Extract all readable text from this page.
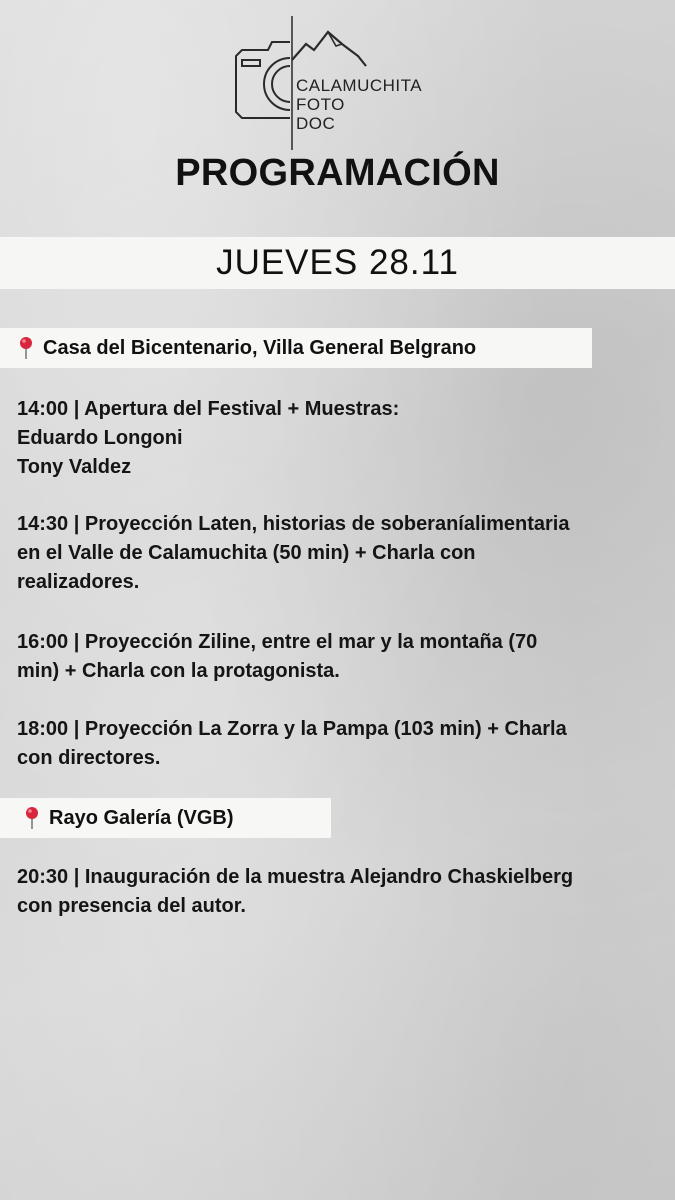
CALAMUCHITA
FOTO
DOC
PROGRAMACIÓN
JUEVES 28.11
Casa del Bicentenario, Villa General Belgrano
14:00 | Apertura del Festival + Muestras:
Eduardo Longoni
Tony Valdez
14:30 | Proyección Laten, historias de soberaníalimentaria
en el Valle de Calamuchita (50 min) + Charla con
realizadores.
16:00 | Proyección Ziline, entre el mar y la montaña (70
min) + Charla con la protagonista.
18:00 | Proyección La Zorra y la Pampa (103 min) + Charla
con directores.
Rayo Galería (VGB)
20:30 | Inauguración de la muestra Alejandro Chaskielberg
con presencia del autor.
